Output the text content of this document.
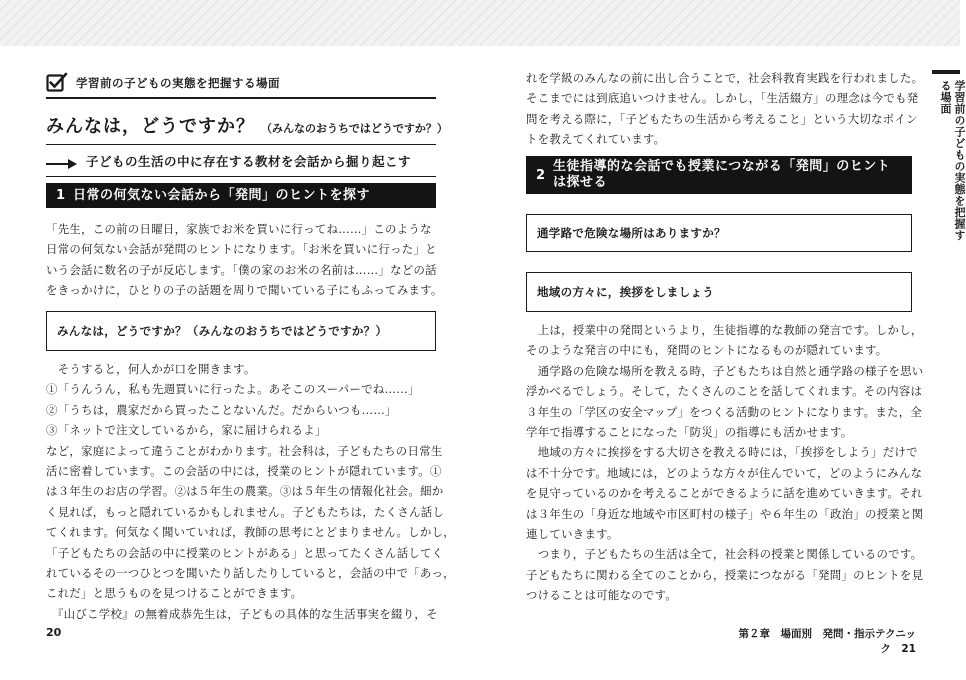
学習前の子どもの実態を把握する場面
みんなは，どうですか？ （みんなのおうちではどうですか？）
子どもの生活の中に存在する教材を会話から掘り起こす
1 日常の何気ない会話から「発問」のヒントを探す

「先生，この前の日曜日，家族でお米を買いに行ってね……」このような

日常の何気ない会話が発問のヒントになります。「お米を買いに行った」と

いう会話に数名の子が反応します。「僕の家のお米の名前は……」などの話

をきっかけに，ひとりの子の話題を周りで聞いている子にもふってみます。

みんなは，どうですか？（みんなのおうちではどうですか？）

　そうすると，何人かが口を開きます。

①「うんうん，私も先週買いに行ったよ。あそこのスーパーでね……」

②「うちは，農家だから買ったことないんだ。だからいつも……」

③「ネットで注文しているから，家に届けられるよ」

など，家庭によって違うことがわかります。社会科は，子どもたちの日常生

活に密着しています。この会話の中には，授業のヒントが隠れています。①

は３年生のお店の学習。②は５年生の農業。③は５年生の情報化社会。細か

く見れば，もっと隠れているかもしれません。子どもたちは，たくさん話し

てくれます。何気なく聞いていれば，教師の思考にとどまりません。しかし，

「子どもたちの会話の中に授業のヒントがある」と思ってたくさん話してく

れているその一つひとつを聞いたり話したりしていると，会話の中で「あっ，

これだ」と思うものを見つけることができます。

　『山びこ学校』の無着成恭先生は，子どもの具体的な生活事実を綴り，そ

20

れを学級のみんなの前に出し合うことで，社会科教育実践を行われました。

そこまでには到底追いつけません。しかし，「生活綴方」の理念は今でも発

問を考える際に，「子どもたちの生活から考えること」という大切なポイン

トを教えてくれています。

2
生徒指導的な会話でも授業につながる「発問」のヒントは探せる
通学路で危険な場所はありますか？
地域の方々に，挨拶をしましょう

　上は，授業中の発問というより，生徒指導的な教師の発言です。しかし，

そのような発言の中にも，発問のヒントになるものが隠れています。

　通学路の危険な場所を教える時，子どもたちは自然と通学路の様子を思い

浮かべるでしょう。そして，たくさんのことを話してくれます。その内容は

３年生の「学区の安全マップ」をつくる活動のヒントになります。また，全

学年で指導することになった「防災」の指導にも活かせます。

　地域の方々に挨拶をする大切さを教える時には，「挨拶をしよう」だけで

は不十分です。地域には，どのような方々が住んでいて，どのようにみんな

を見守っているのかを考えることができるように話を進めていきます。それ

は３年生の「身近な地域や市区町村の様子」や６年生の「政治」の授業と関

連していきます。

　つまり，子どもたちの生活は全て，社会科の授業と関係しているのです。

子どもたちに関わる全てのことから，授業につながる「発問」のヒントを見

つけることは可能なのです。

学習前の子どもの実態を把握する場面
第２章　場面別　発問・指示テクニック　21
